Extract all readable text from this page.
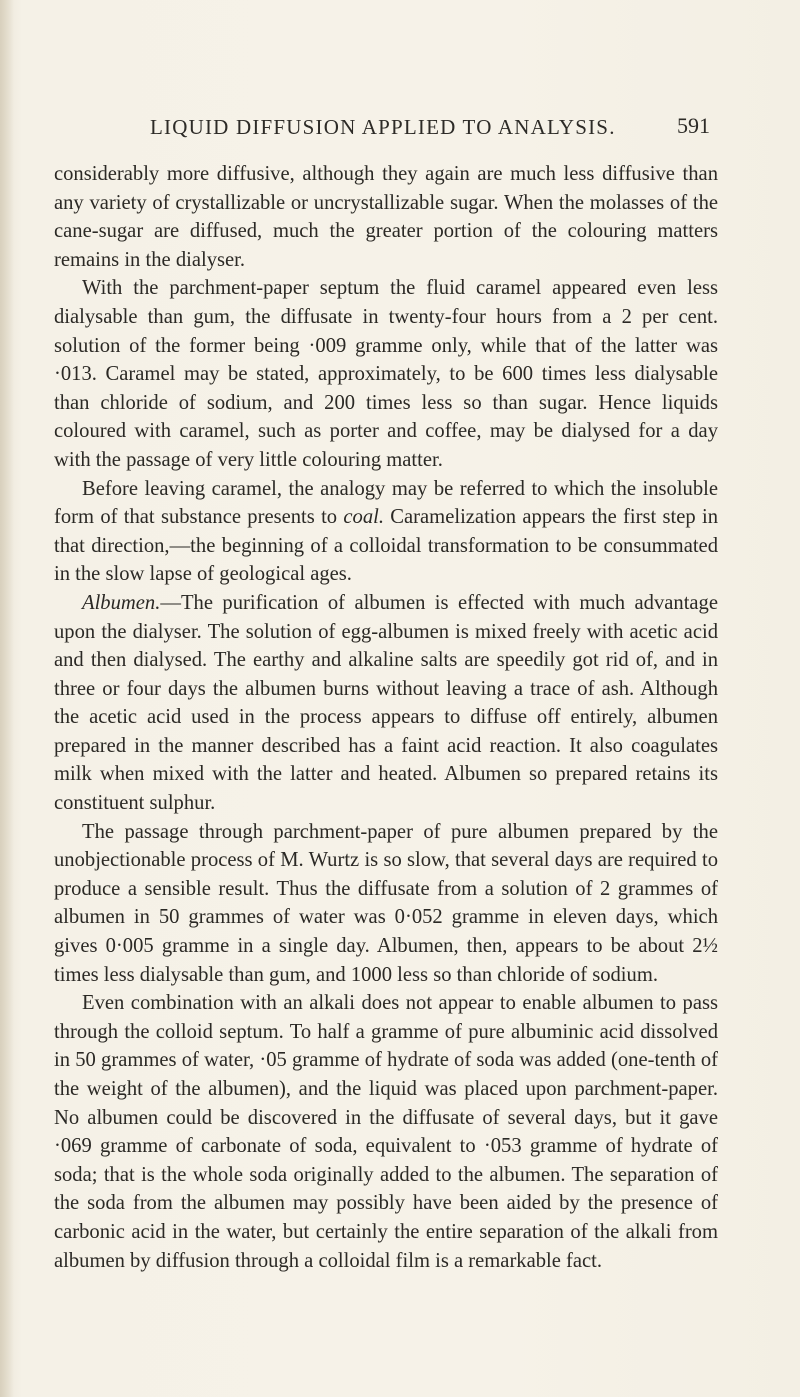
LIQUID DIFFUSION APPLIED TO ANALYSIS.	591

considerably more diffusive, although they again are much less diffusive than any variety of crystallizable or uncrystallizable sugar. When the molasses of the cane-sugar are diffused, much the greater portion of the colouring matters remains in the dialyser.

With the parchment-paper septum the fluid caramel appeared even less dialysable than gum, the diffusate in twenty-four hours from a 2 per cent. solution of the former being ·009 gramme only, while that of the latter was ·013. Caramel may be stated, approximately, to be 600 times less dialysable than chloride of sodium, and 200 times less so than sugar. Hence liquids coloured with caramel, such as porter and coffee, may be dialysed for a day with the passage of very little colouring matter.

Before leaving caramel, the analogy may be referred to which the insoluble form of that substance presents to coal. Caramelization appears the first step in that direction,—the beginning of a colloidal transformation to be consummated in the slow lapse of geological ages.

Albumen.—The purification of albumen is effected with much advantage upon the dialyser. The solution of egg-albumen is mixed freely with acetic acid and then dialysed. The earthy and alkaline salts are speedily got rid of, and in three or four days the albumen burns without leaving a trace of ash. Although the acetic acid used in the process appears to diffuse off entirely, albumen prepared in the manner described has a faint acid reaction. It also coagulates milk when mixed with the latter and heated. Albumen so prepared retains its constituent sulphur.

The passage through parchment-paper of pure albumen prepared by the unobjectionable process of M. Wurtz is so slow, that several days are required to produce a sensible result. Thus the diffusate from a solution of 2 grammes of albumen in 50 grammes of water was 0·052 gramme in eleven days, which gives 0·005 gramme in a single day. Albumen, then, appears to be about 2½ times less dialysable than gum, and 1000 less so than chloride of sodium.

Even combination with an alkali does not appear to enable albumen to pass through the colloid septum. To half a gramme of pure albuminic acid dissolved in 50 grammes of water, ·05 gramme of hydrate of soda was added (one-tenth of the weight of the albumen), and the liquid was placed upon parchment-paper. No albumen could be discovered in the diffusate of several days, but it gave ·069 gramme of carbonate of soda, equivalent to ·053 gramme of hydrate of soda; that is the whole soda originally added to the albumen. The separation of the soda from the albumen may possibly have been aided by the presence of carbonic acid in the water, but certainly the entire separation of the alkali from albumen by diffusion through a colloidal film is a remarkable fact.
